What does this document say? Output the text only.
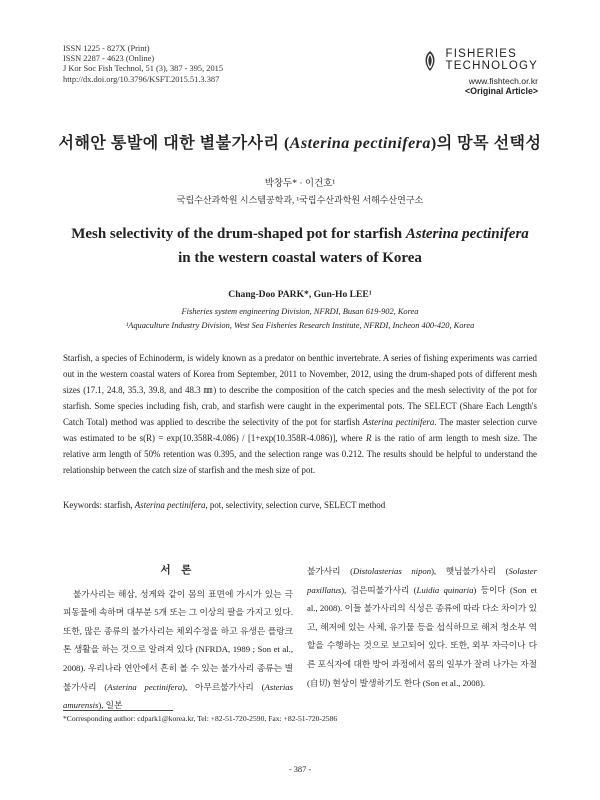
ISSN 1225 - 827X (Print)
ISSN 2287 - 4623 (Online)
J Kor Soc Fish Technol, 51 (3), 387 - 395, 2015
http://dx.doi.org/10.3796/KSFT.2015.51.3.387
FISHERIES
TECHNOLOGY
www.fishtech.or.kr
<Original Article>
서해안 통발에 대한 별불가사리 (Asterina pectinifera)의 망목 선택성
박창두* · 이건호¹
국립수산과학원 시스템공학과, ¹국립수산과학원 서해수산연구소
Mesh selectivity of the drum-shaped pot for starfish Asterina pectinifera
in the western coastal waters of Korea
Chang-Doo PARK*, Gun-Ho LEE¹
Fisheries system engineering Division, NFRDI, Busan 619-902, Korea
¹Aquaculture Industry Division, West Sea Fisheries Research Institute, NFRDI, Incheon 400-420, Korea
Starfish, a species of Echinoderm, is widely known as a predator on benthic invertebrate. A series of fishing experiments was carried out in the western coastal waters of Korea from September, 2011 to November, 2012, using the drum-shaped pots of different mesh sizes (17.1, 24.8, 35.3, 39.8, and 48.3 ㎜) to describe the composition of the catch species and the mesh selectivity of the pot for starfish. Some species including fish, crab, and starfish were caught in the experimental pots. The SELECT (Share Each Length's Catch Total) method was applied to describe the selectivity of the pot for starfish Asterina pectinifera. The master selection curve was estimated to be s(R) = exp(10.358R-4.086) / [1+exp(10.358R-4.086)], where R is the ratio of arm length to mesh size. The relative arm length of 50% retention was 0.395, and the selection range was 0.212. The results should be helpful to understand the relationship between the catch size of starfish and the mesh size of pot.
Keywords: starfish, Asterina pectinifera, pot, selectivity, selection curve, SELECT method
서 론
불가사리는 해삼, 성게와 같이 몸의 표면에 가시가 있는 극피동물에 속하며 대부분 5개 또는 그 이상의 팔을 가지고 있다. 또한, 많은 종류의 불가사리는 체외수정을 하고 유생은 플랑크톤 생활을 하는 것으로 알려져 있다 (NFRDA, 1989 ; Son et al., 2008). 우리나라 연안에서 흔히 볼 수 있는 불가사리 종류는 별불가사리 (Asterina pectinifera), 아무르불가사리 (Asterias amurensis), 일본
불가사리 (Distolasterias nipon), 햇님불가사리 (Solaster paxillatus), 검은띠불가사리 (Luidia quinaria) 등이다 (Son et al., 2008). 이들 불가사리의 식성은 종류에 따라 다소 차이가 있고, 해저에 있는 사체, 유기물 등을 섭식하므로 해저 청소부 역할을 수행하는 것으로 보고되어 있다. 또한, 외부 자극이나 다른 포식자에 대한 방어 과정에서 몸의 일부가 잘려 나가는 자절(自切) 현상이 발생하기도 한다 (Son et al., 2008).
*Corresponding author: cdpark1@korea.kr, Tel: +82-51-720-2590, Fax: +82-51-720-2586
- 387 -
